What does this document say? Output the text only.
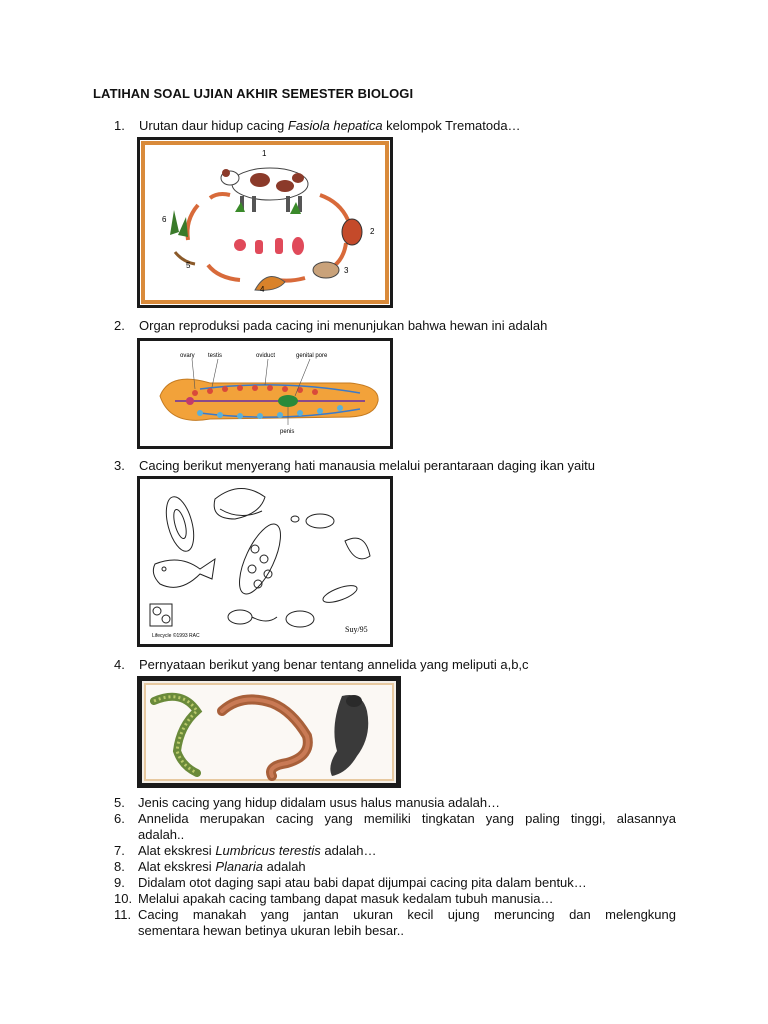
LATIHAN SOAL UJIAN AKHIR SEMESTER BIOLOGI
1.	Urutan daur hidup cacing Fasiola hepatica kelompok Trematoda…
1
2
3
4
5
6
2.	Organ reproduksi pada cacing ini menunjukan bahwa hewan ini adalah
ovary testis	oviduct	genital pore
penis
3.	Cacing berikut menyerang hati manausia melalui perantaraan daging ikan yaitu
Lifecycle ©1993 RAC
Suy/95
4.	Pernyataan berikut yang benar tentang annelida yang meliputi a,b,c
5. Jenis cacing yang hidup didalam usus halus manusia adalah…
6. Annelida merupakan cacing yang memiliki tingkatan yang paling tinggi, alasannya
adalah..
7. Alat ekskresi Lumbricus terestis adalah…
8. Alat ekskresi Planaria adalah
9. Didalam otot daging sapi atau babi dapat dijumpai cacing pita dalam bentuk…
10. Melalui apakah cacing tambang dapat masuk kedalam tubuh manusia…
11. Cacing manakah yang jantan ukuran kecil ujung meruncing dan melengkung
sementara hewan betinya ukuran lebih besar..
